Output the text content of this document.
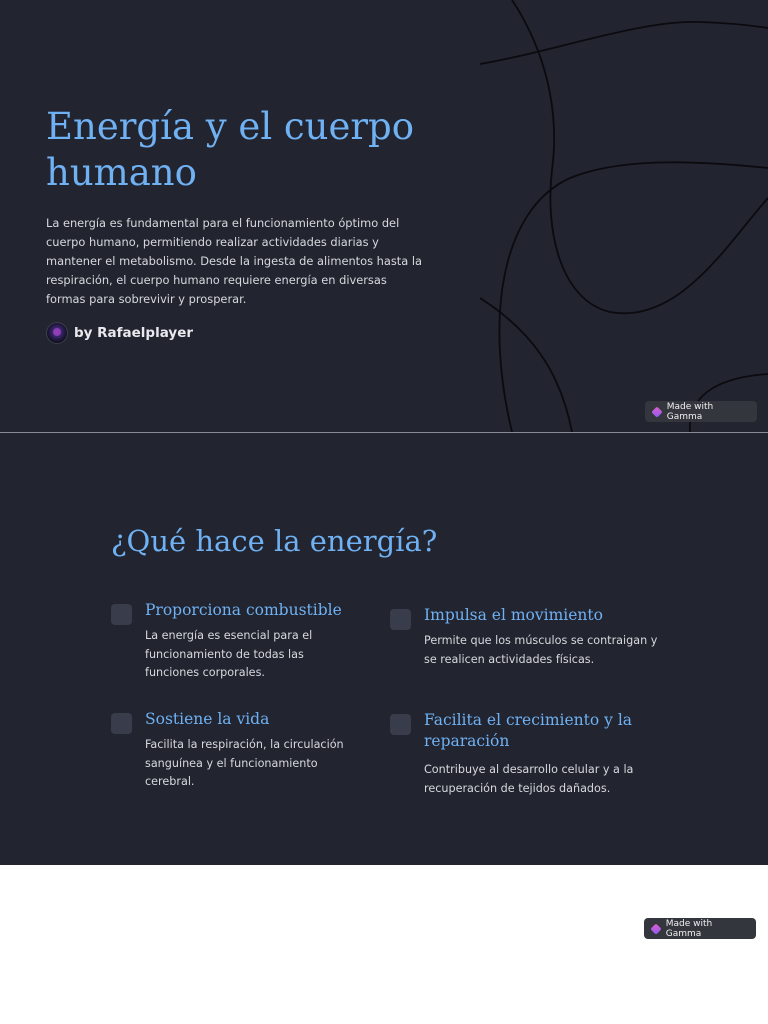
Energía y el cuerpo humano

La energía es fundamental para el funcionamiento óptimo del cuerpo humano, permitiendo realizar actividades diarias y mantener el metabolismo. Desde la ingesta de alimentos hasta la respiración, el cuerpo humano requiere energía en diversas formas para sobrevivir y prosperar.

by Rafaelplayer
Made with Gamma
¿Qué hace la energía?
Proporciona combustible

La energía es esencial para el funcionamiento de todas las funciones corporales.

Impulsa el movimiento

Permite que los músculos se contraigan y se realicen actividades físicas.

Sostiene la vida

Facilita la respiración, la circulación sanguínea y el funcionamiento cerebral.

Facilita el crecimiento y la reparación

Contribuye al desarrollo celular y a la recuperación de tejidos dañados.

Made with Gamma
